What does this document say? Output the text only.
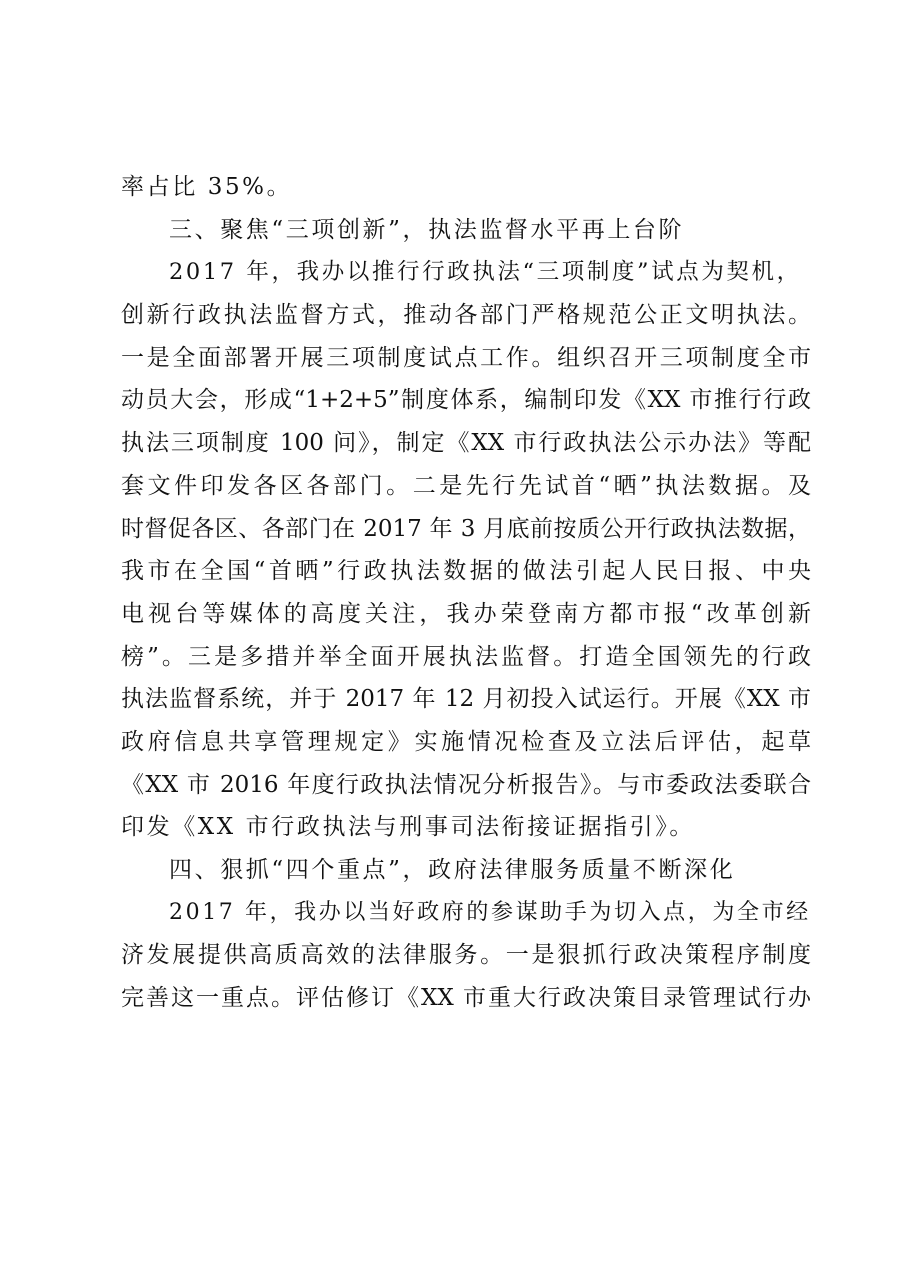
率占比 35%。
三、聚焦“三项创新”，执法监督水平再上台阶
2017 年，我办以推行行政执法“三项制度”试点为契机，
创新行政执法监督方式，推动各部门严格规范公正文明执法。
一是全面部署开展三项制度试点工作。组织召开三项制度全市
动员大会，形成“1+2+5”制度体系，编制印发《XX 市推行行政
执法三项制度 100 问》，制定《XX 市行政执法公示办法》等配
套文件印发各区各部门。二是先行先试首“晒”执法数据。及
时督促各区、各部门在 2017 年 3 月底前按质公开行政执法数据，
我市在全国“首晒”行政执法数据的做法引起人民日报、中央
电视台等媒体的高度关注，我办荣登南方都市报“改革创新
榜”。三是多措并举全面开展执法监督。打造全国领先的行政
执法监督系统，并于 2017 年 12 月初投入试运行。开展《XX 市
政府信息共享管理规定》实施情况检查及立法后评估，起草
《XX 市 2016 年度行政执法情况分析报告》。与市委政法委联合
印发《XX 市行政执法与刑事司法衔接证据指引》。
四、狠抓“四个重点”，政府法律服务质量不断深化
2017 年，我办以当好政府的参谋助手为切入点，为全市经
济发展提供高质高效的法律服务。一是狠抓行政决策程序制度
完善这一重点。评估修订《XX 市重大行政决策目录管理试行办
